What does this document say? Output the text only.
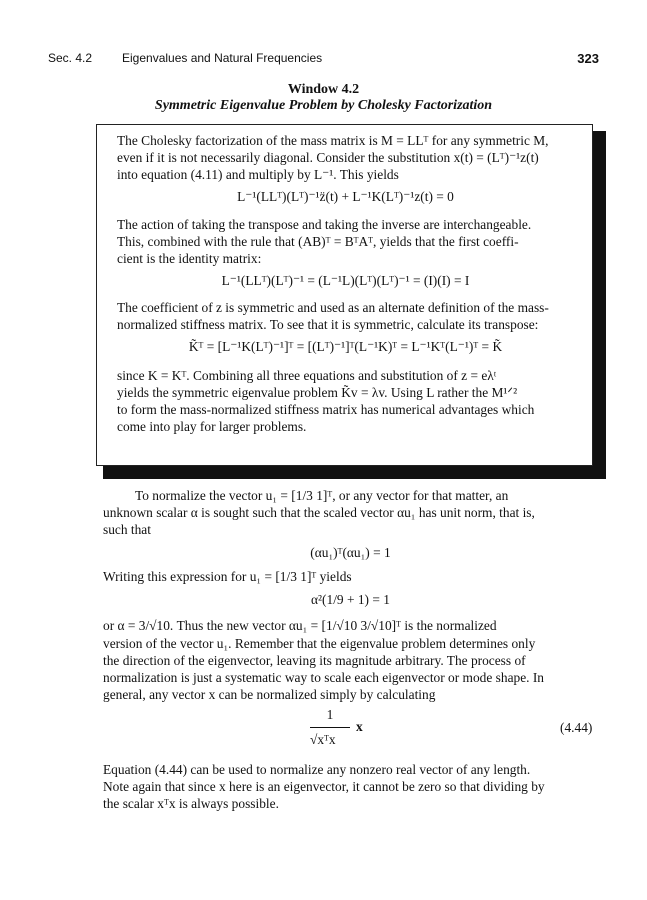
Sec. 4.2 Eigenvalues and Natural Frequencies	323
Window 4.2
Symmetric Eigenvalue Problem by Cholesky Factorization

The Cholesky factorization of the mass matrix is M = LLᵀ for any symmetric M,

even if it is not necessarily diagonal. Consider the substitution x(t) = (Lᵀ)⁻¹z(t)

into equation (4.11) and multiply by L⁻¹. This yields

L⁻¹(LLᵀ)(Lᵀ)⁻¹z̈(t) + L⁻¹K(Lᵀ)⁻¹z(t) = 0

The action of taking the transpose and taking the inverse are interchangeable.

This, combined with the rule that (AB)ᵀ = BᵀAᵀ, yields that the first coeffi-

cient is the identity matrix:

L⁻¹(LLᵀ)(Lᵀ)⁻¹ = (L⁻¹L)(Lᵀ)(Lᵀ)⁻¹ = (I)(I) = I

The coefficient of z is symmetric and used as an alternate definition of the mass-

normalized stiffness matrix. To see that it is symmetric, calculate its transpose:

K̃ᵀ = [L⁻¹K(Lᵀ)⁻¹]ᵀ = [(Lᵀ)⁻¹]ᵀ(L⁻¹K)ᵀ = L⁻¹Kᵀ(L⁻¹)ᵀ = K̃

since K = Kᵀ. Combining all three equations and substitution of z = eλᵗ

yields the symmetric eigenvalue problem K̃v = λv. Using L rather the M¹ᐟ²

to form the mass-normalized stiffness matrix has numerical advantages which

come into play for larger problems.

To normalize the vector u₁ = [1/3 1]ᵀ, or any vector for that matter, an

unknown scalar α is sought such that the scaled vector αu₁ has unit norm, that is,

such that

(αu₁)ᵀ(αu₁) = 1

Writing this expression for u₁ = [1/3 1]ᵀ yields

α²(1/9 + 1) = 1

or α = 3/√10. Thus the new vector αu₁ = [1/√10 3/√10]ᵀ is the normalized

version of the vector u₁. Remember that the eigenvalue problem determines only

the direction of the eigenvector, leaving its magnitude arbitrary. The process of

normalization is just a systematic way to scale each eigenvector or mode shape. In

general, any vector x can be normalized simply by calculating

1
√xᵀx
x	(4.44)

Equation (4.44) can be used to normalize any nonzero real vector of any length.

Note again that since x here is an eigenvector, it cannot be zero so that dividing by

the scalar xᵀx is always possible.
